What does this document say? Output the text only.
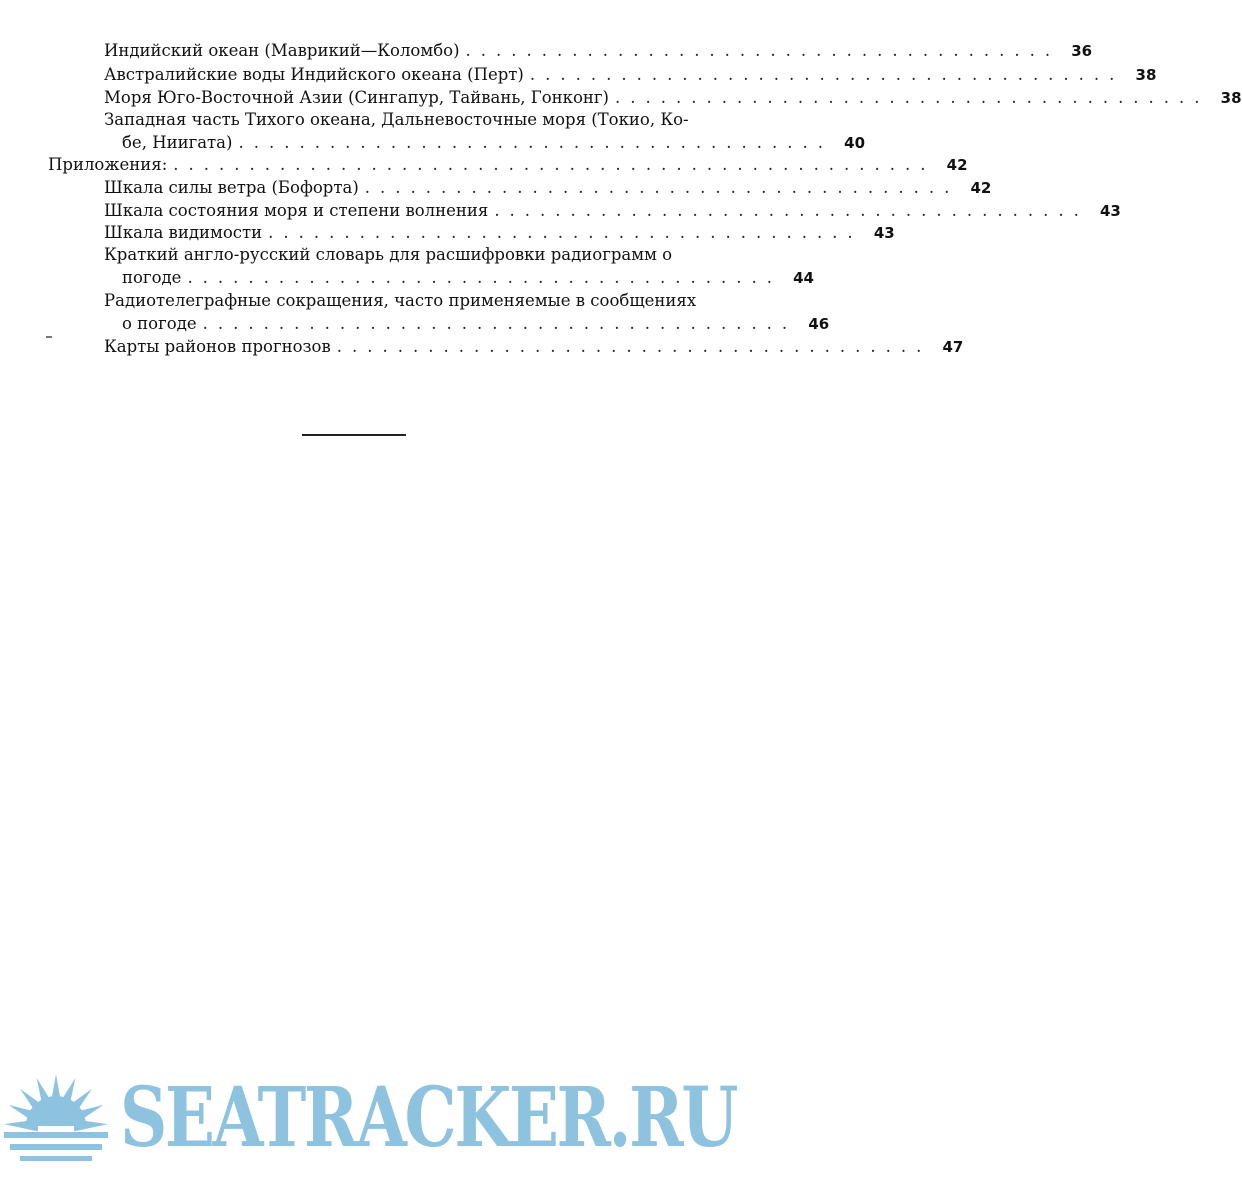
Индийский океан (Маврикий—Коломбо) ....................................... 36
Австралийские воды Индийского океана (Перт) ....................................... 38
Моря Юго-Восточной Азии (Сингапур, Тайвань, Гонконг) ....................................... 38
Западная часть Тихого океана, Дальневосточные моря (Токио, Ко-
бе, Ниигата) ....................................... 40
Приложения: .................................................. 42
Шкала силы ветра (Бофорта) ....................................... 42
Шкала состояния моря и степени волнения ....................................... 43
Шкала видимости ....................................... 43
Краткий англо-русский словарь для расшифровки радиограмм о
погоде ....................................... 44
Радиотелеграфные сокращения, часто применяемые в сообщениях
о погоде ....................................... 46
Карты районов прогнозов ....................................... 47
SEATRACKER.RU
